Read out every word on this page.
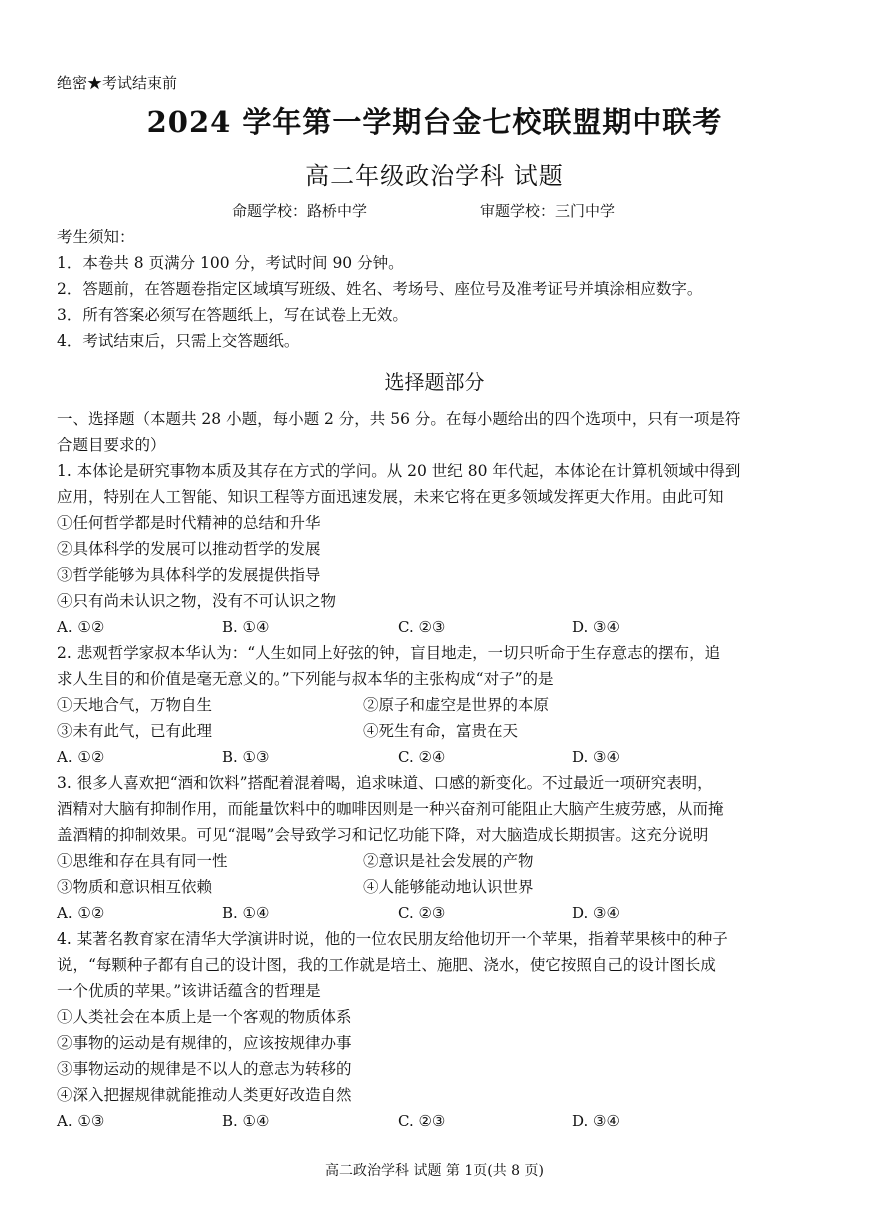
绝密★考试结束前
2024 学年第一学期台金七校联盟期中联考
高二年级政治学科 试题
命题学校：路桥中学	审题学校：三门中学
考生须知：
1．本卷共 8 页满分 100 分，考试时间 90 分钟。
2．答题前，在答题卷指定区域填写班级、姓名、考场号、座位号及准考证号并填涂相应数字。
3．所有答案必须写在答题纸上，写在试卷上无效。
4．考试结束后，只需上交答题纸。
选择题部分
一、选择题（本题共 28 小题，每小题 2 分，共 56 分。在每小题给出的四个选项中，只有一项是符
合题目要求的）
1. 本体论是研究事物本质及其存在方式的学问。从 20 世纪 80 年代起，本体论在计算机领域中得到
应用，特别在人工智能、知识工程等方面迅速发展，未来它将在更多领域发挥更大作用。由此可知
①任何哲学都是时代精神的总结和升华
②具体科学的发展可以推动哲学的发展
③哲学能够为具体科学的发展提供指导
④只有尚未认识之物，没有不可认识之物
A. ①②	B. ①④	C. ②③	D. ③④
2. 悲观哲学家叔本华认为：“人生如同上好弦的钟，盲目地走，一切只听命于生存意志的摆布，追
求人生目的和价值是毫无意义的。”下列能与叔本华的主张构成“对子”的是
①天地合气，万物自生	②原子和虚空是世界的本原
③未有此气，已有此理	④死生有命，富贵在天
A. ①②	B. ①③	C. ②④	D. ③④
3. 很多人喜欢把“酒和饮料”搭配着混着喝，追求味道、口感的新变化。不过最近一项研究表明，
酒精对大脑有抑制作用，而能量饮料中的咖啡因则是一种兴奋剂可能阻止大脑产生疲劳感，从而掩
盖酒精的抑制效果。可见“混喝”会导致学习和记忆功能下降，对大脑造成长期损害。这充分说明
①思维和存在具有同一性	②意识是社会发展的产物
③物质和意识相互依赖	④人能够能动地认识世界
A. ①②	B. ①④	C. ②③	D. ③④
4. 某著名教育家在清华大学演讲时说，他的一位农民朋友给他切开一个苹果，指着苹果核中的种子
说，“每颗种子都有自己的设计图，我的工作就是培土、施肥、浇水，使它按照自己的设计图长成
一个优质的苹果。”该讲话蕴含的哲理是
①人类社会在本质上是一个客观的物质体系
②事物的运动是有规律的，应该按规律办事
③事物运动的规律是不以人的意志为转移的
④深入把握规律就能推动人类更好改造自然
A. ①③	B. ①④	C. ②③	D. ③④
高二政治学科 试题 第 1页(共 8 页)
